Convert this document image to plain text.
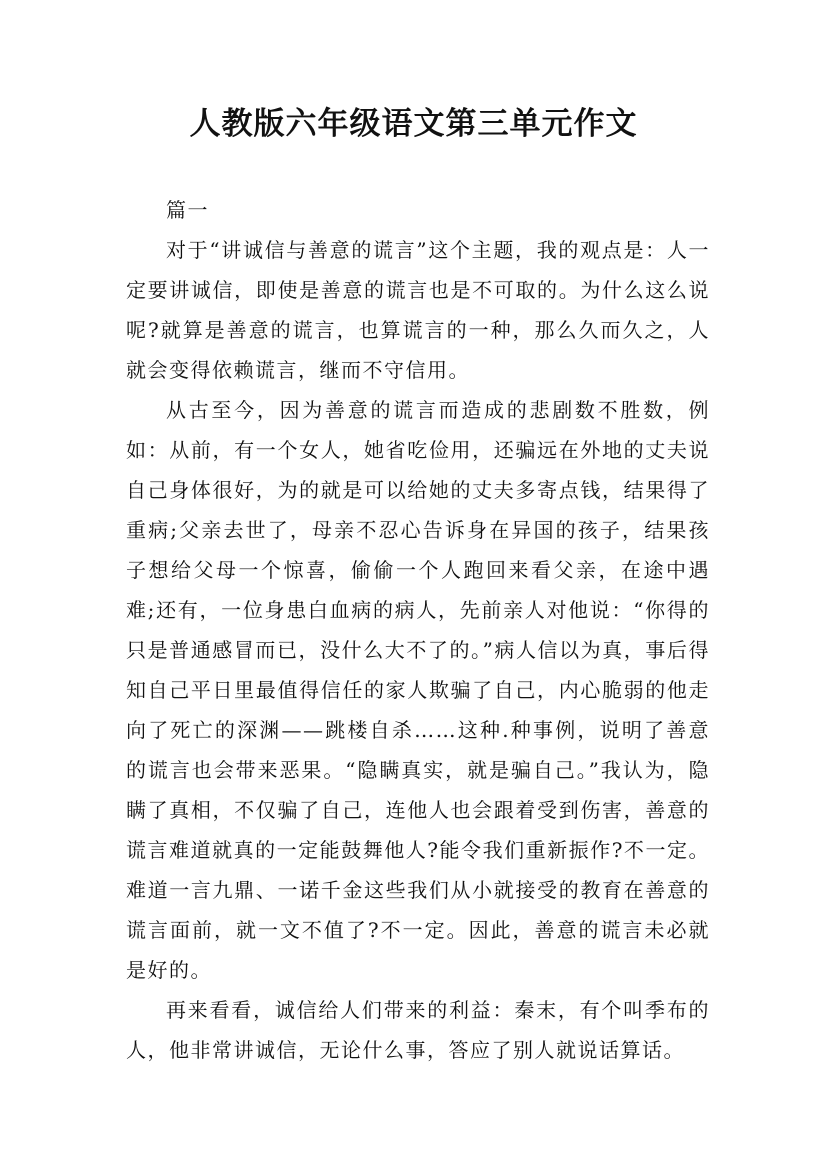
人教版六年级语文第三单元作文

篇一

对于“讲诚信与善意的谎言”这个主题，我的观点是：人一定要讲诚信，即使是善意的谎言也是不可取的。为什么这么说呢?就算是善意的谎言，也算谎言的一种，那么久而久之，人就会变得依赖谎言，继而不守信用。

从古至今，因为善意的谎言而造成的悲剧数不胜数，例如：从前，有一个女人，她省吃俭用，还骗远在外地的丈夫说自己身体很好，为的就是可以给她的丈夫多寄点钱，结果得了重病;父亲去世了，母亲不忍心告诉身在异国的孩子，结果孩子想给父母一个惊喜，偷偷一个人跑回来看父亲，在途中遇难;还有，一位身患白血病的病人，先前亲人对他说：“你得的只是普通感冒而已，没什么大不了的。”病人信以为真，事后得知自己平日里最值得信任的家人欺骗了自己，内心脆弱的他走向了死亡的深渊——跳楼自杀……这种.种事例，说明了善意的谎言也会带来恶果。“隐瞒真实，就是骗自己。”我认为，隐瞒了真相，不仅骗了自己，连他人也会跟着受到伤害，善意的谎言难道就真的一定能鼓舞他人?能令我们重新振作?不一定。难道一言九鼎、一诺千金这些我们从小就接受的教育在善意的谎言面前，就一文不值了?不一定。因此，善意的谎言未必就是好的。

再来看看，诚信给人们带来的利益：秦末，有个叫季布的人，他非常讲诚信，无论什么事，答应了别人就说话算话。
